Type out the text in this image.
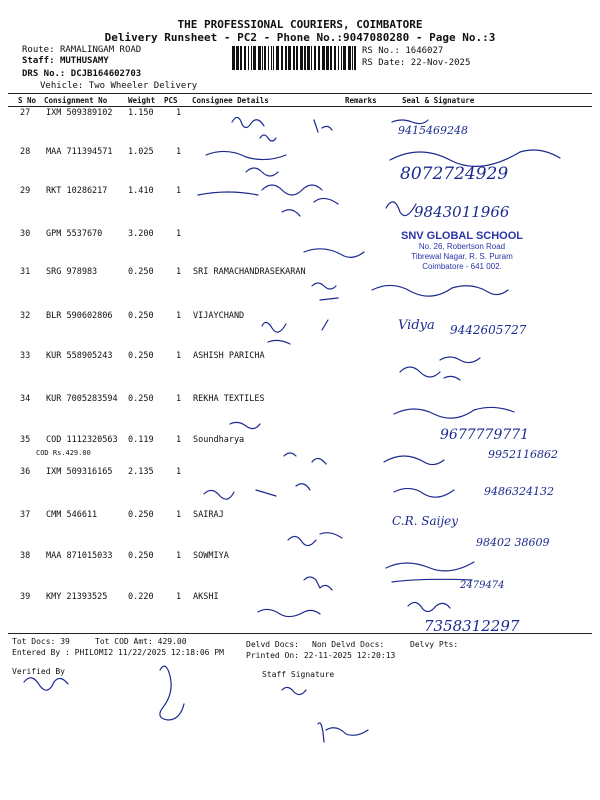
THE PROFESSIONAL COURIERS, COIMBATORE
Delivery Runsheet - PC2 - Phone No.:9047080280 - Page No.:3
Route: RAMALINGAM ROAD
Staff: MUTHUSAMY
DRS No.: DCJB164602703
Vehicle: Two Wheeler Delivery
RS No.: 1646027
RS Date: 22-Nov-2025
S No Consignment No	Weight PCS Consignee Details	Remarks	Seal & Signature
27 IXM 509389102 1.150	1
28 MAA 711394571 1.025	1
29 RKT 10286217 1.410	1
30 GPM 5537670	3.200	1
31 SRG 978983	0.250	1 SRI RAMACHANDRASEKARAN
32 BLR 590602806 0.250	1 VIJAYCHAND
33 KUR 558905243 0.250	1 ASHISH PARICHA
34 KUR 7005283594 0.250	1 REKHA TEXTILES
35 COD 1112320563 0.119	1 Soundharya
COD Rs.429.00
36 IXM 509316165 2.135	1
37 CMM 546611	0.250	1 SAIRAJ
38 MAA 871015033 0.250	1 SOWMIYA
39 KMY 21393525 0.220	1 AKSHI
9415469248
8072724929
9843011966
Vidya 9442605727
9677779771
9952116862
9486324132
C.R. Saijey
98402 38609
2479474
7358312297
SNV GLOBAL SCHOOL
No. 26, Robertson Road
Tibrewal Nagar, R. S. Puram
Coimbatore - 641 002.
Tot Docs: 39	Tot COD Amt: 429.00	Delvd Docs: Non Delvd Docs:	Delvy Pts:
Entered By : PHILOMI2 11/22/2025 12:18:06 PM	Printed On: 22-11-2025 12:20:13
Verified By	Staff Signature
